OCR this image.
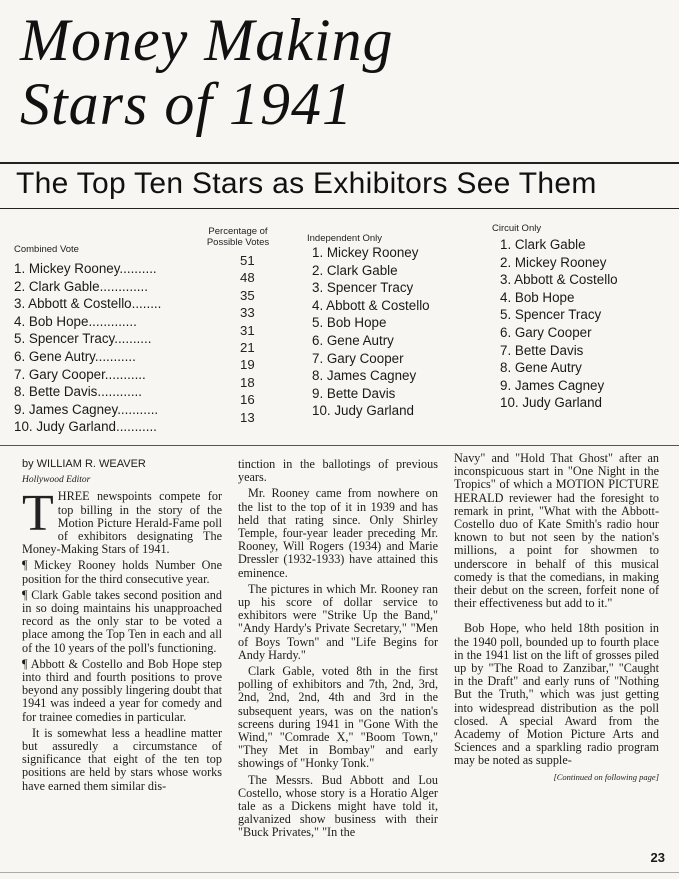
Money Making
Stars of 1941
The Top Ten Stars as Exhibitors See Them
Combined Vote
Percentage of
Possible Votes	Independent Only
Circuit Only
1. Mickey Rooney..........
2. Clark Gable.............
3. Abbott & Costello........
4. Bob Hope.............
5. Spencer Tracy..........
6. Gene Autry...........
7. Gary Cooper...........
8. Bette Davis............
9. James Cagney...........
10. Judy Garland...........
51
48
35
33
31
21
19
18
16
13
1. Mickey Rooney
2. Clark Gable
3. Spencer Tracy
4. Abbott & Costello
5. Bob Hope
6. Gene Autry
7. Gary Cooper
8. James Cagney
9. Bette Davis
10. Judy Garland
1. Clark Gable
2. Mickey Rooney
3. Abbott & Costello
4. Bob Hope
5. Spencer Tracy
6. Gary Cooper
7. Bette Davis
8. Gene Autry
9. James Cagney
10. Judy Garland

by WILLIAM R. WEAVER

Hollywood Editor

THREE newspoints compete for top billing in the story of the Motion Picture Herald-Fame poll of exhibitors designating The Money-Making Stars of 1941.

¶ Mickey Rooney holds Number One position for the third consecutive year.

¶ Clark Gable takes second position and in so doing maintains his unapproached record as the only star to be voted a place among the Top Ten in each and all of the 10 years of the poll's functioning.

¶ Abbott & Costello and Bob Hope step into third and fourth positions to prove beyond any possibly lingering doubt that 1941 was indeed a year for comedy and for trainee comedies in particular.

It is somewhat less a headline matter but assuredly a circumstance of significance that eight of the ten top positions are held by stars whose works have earned them similar dis-

tinction in the ballotings of previous years.

Mr. Rooney came from nowhere on the list to the top of it in 1939 and has held that rating since. Only Shirley Temple, four-year leader preceding Mr. Rooney, Will Rogers (1934) and Marie Dressler (1932-1933) have attained this eminence.

The pictures in which Mr. Rooney ran up his score of dollar service to exhibitors were "Strike Up the Band," "Andy Hardy's Private Secretary," "Men of Boys Town" and "Life Begins for Andy Hardy."

Clark Gable, voted 8th in the first polling of exhibitors and 7th, 2nd, 3rd, 2nd, 2nd, 2nd, 4th and 3rd in the subsequent years, was on the nation's screens during 1941 in "Gone With the Wind," "Comrade X," "Boom Town," "They Met in Bombay" and early showings of "Honky Tonk."

The Messrs. Bud Abbott and Lou Costello, whose story is a Horatio Alger tale as a Dickens might have told it, galvanized show business with their "Buck Privates," "In the

Navy" and "Hold That Ghost" after an inconspicuous start in "One Night in the Tropics" of which a MOTION PICTURE HERALD reviewer had the foresight to remark in print, "What with the Abbott-Costello duo of Kate Smith's radio hour known to but not seen by the nation's millions, a point for showmen to underscore in behalf of this musical comedy is that the comedians, in making their debut on the screen, forfeit none of their effectiveness but add to it."

Bob Hope, who held 18th position in the 1940 poll, bounded up to fourth place in the 1941 list on the lift of grosses piled up by "The Road to Zanzibar," "Caught in the Draft" and early runs of "Nothing But the Truth," which was just getting into widespread distribution as the poll closed. A special Award from the Academy of Motion Picture Arts and Sciences and a sparkling radio program may be noted as supple-

[Continued on following page]

23
